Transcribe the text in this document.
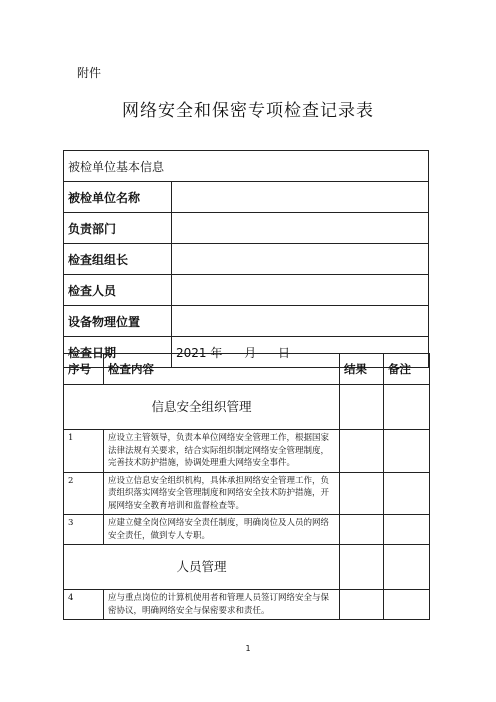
附件
网络安全和保密专项检查记录表
被检单位基本信息	
被检单位名称	
负责部门	
检查组组长	
检查人员	
设备物理位置	
检查日期	2021 年 月 日
序号	检查内容	结果	备注
信息安全组织管理			
1	应设立主管领导，负责本单位网络安全管理工作，根据国家法律法规有关要求，结合实际组织制定网络安全管理制度，完善技术防护措施，协调处理重大网络安全事件。		
2	应设立信息安全组织机构，具体承担网络安全管理工作，负责组织落实网络安全管理制度和网络安全技术防护措施，开展网络安全教育培训和监督检查等。		
3	应建立健全岗位网络安全责任制度，明确岗位及人员的网络安全责任，做到专人专职。		
人员管理			
4	应与重点岗位的计算机使用者和管理人员签订网络安全与保密协议，明确网络安全与保密要求和责任。		
1
